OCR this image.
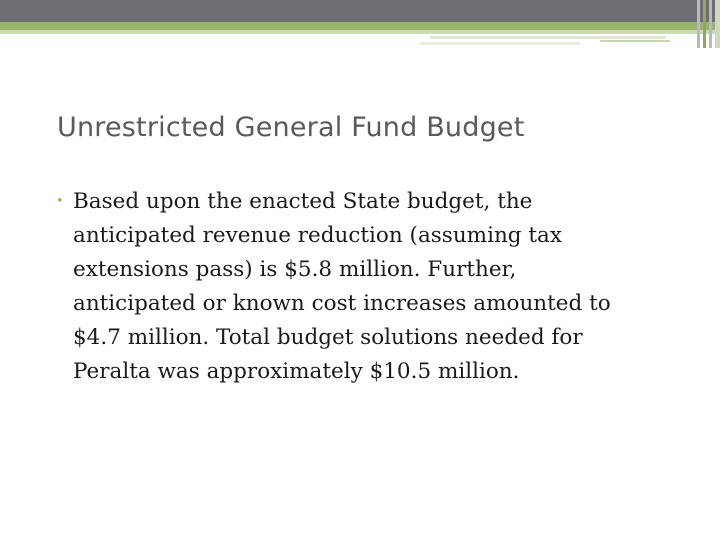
Unrestricted General Fund Budget
• Based upon the enacted State budget, the
anticipated revenue reduction (assuming tax
extensions pass) is $5.8 million. Further,
anticipated or known cost increases amounted to
$4.7 million. Total budget solutions needed for
Peralta was approximately $10.5 million.
